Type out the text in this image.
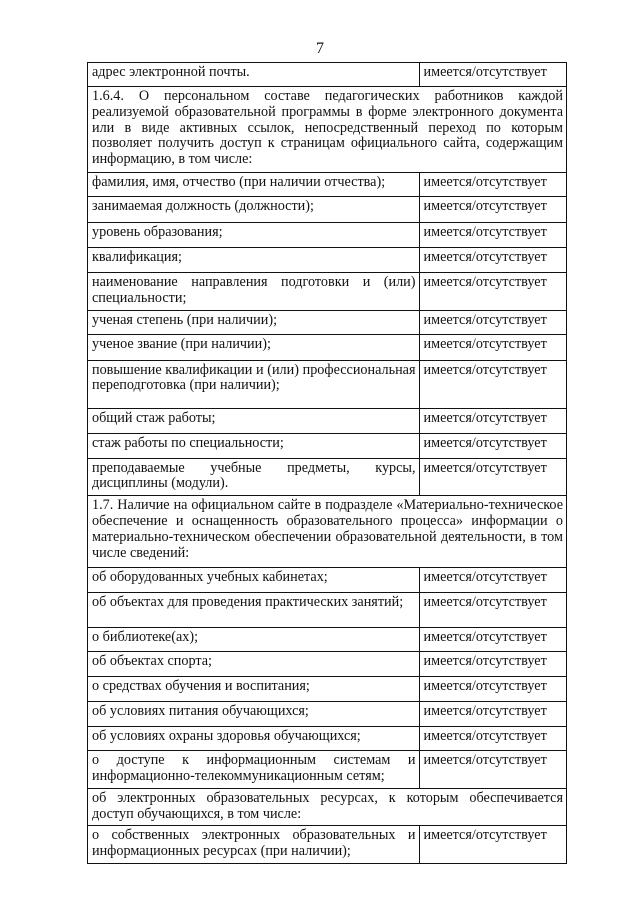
7
адрес электронной почты.	имеется/отсутствует
1.6.4. О персональном составе педагогических работников каждой реализуемой образовательной программы в форме электронного документа или в виде активных ссылок, непосредственный переход по которым позволяет получить доступ к страницам официального сайта, содержащим информацию, в том числе:	
фамилия, имя, отчество (при наличии отчества);	имеется/отсутствует
занимаемая должность (должности);	имеется/отсутствует
уровень образования;	имеется/отсутствует
квалификация;	имеется/отсутствует
наименование направления подготовки и (или) специальности;	имеется/отсутствует
ученая степень (при наличии);	имеется/отсутствует
ученое звание (при наличии);	имеется/отсутствует
повышение квалификации и (или) профессиональная переподготовка (при наличии);	имеется/отсутствует
общий стаж работы;	имеется/отсутствует
стаж работы по специальности;	имеется/отсутствует
преподаваемые учебные предметы, курсы, дисциплины (модули).	имеется/отсутствует
1.7. Наличие на официальном сайте в подразделе «Материально-техническое обеспечение и оснащенность образовательного процесса» информации о материально-техническом обеспечении образовательной деятельности, в том числе сведений:	
об оборудованных учебных кабинетах;	имеется/отсутствует
об объектах для проведения практических занятий;	имеется/отсутствует
о библиотеке(ах);	имеется/отсутствует
об объектах спорта;	имеется/отсутствует
о средствах обучения и воспитания;	имеется/отсутствует
об условиях питания обучающихся;	имеется/отсутствует
об условиях охраны здоровья обучающихся;	имеется/отсутствует
о доступе к информационным системам и информационно-телекоммуникационным сетям;	имеется/отсутствует
об электронных образовательных ресурсах, к которым обеспечивается доступ обучающихся, в том числе:	
о собственных электронных образовательных и информационных ресурсах (при наличии);	имеется/отсутствует
